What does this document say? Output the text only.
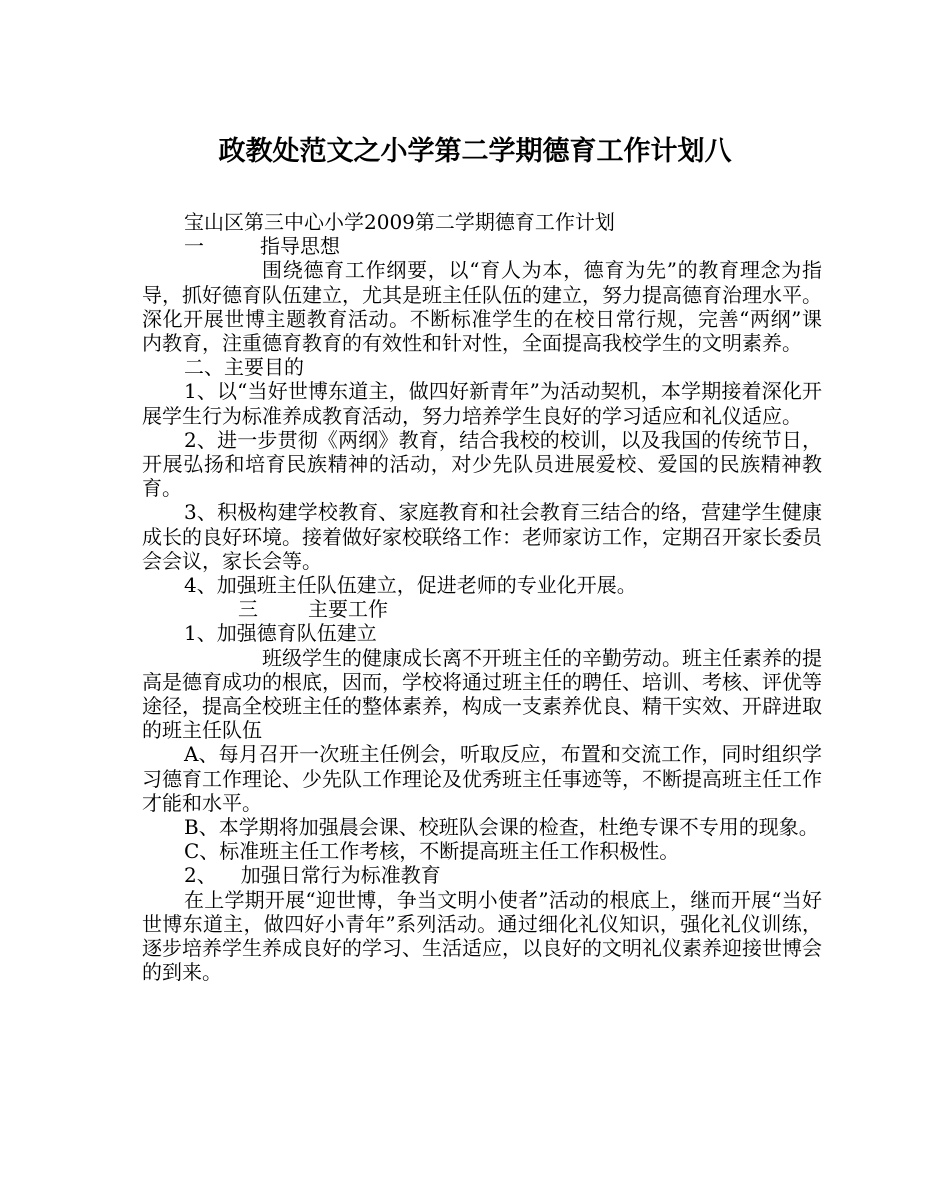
政教处范文之小学第二学期德育工作计划八

宝山区第三中心小学2009第二学期德育工作计划

一	指导思想

围绕德育工作纲要，以“育人为本，德育为先”的教育理念为指导，抓好德育队伍建立，尤其是班主任队伍的建立，努力提高德育治理水平。深化开展世博主题教育活动。不断标准学生的在校日常行规，完善“两纲”课内教育，注重德育教育的有效性和针对性，全面提高我校学生的文明素养。

二、主要目的

1、以“当好世博东道主，做四好新青年”为活动契机，本学期接着深化开展学生行为标准养成教育活动，努力培养学生良好的学习适应和礼仪适应。

2、进一步贯彻《两纲》教育，结合我校的校训，以及我国的传统节日，开展弘扬和培育民族精神的活动，对少先队员进展爱校、爱国的民族精神教育。

3、积极构建学校教育、家庭教育和社会教育三结合的络，营建学生健康成长的良好环境。接着做好家校联络工作：老师家访工作，定期召开家长委员会会议，家长会等。

4、加强班主任队伍建立，促进老师的专业化开展。

三	主要工作

1、加强德育队伍建立

班级学生的健康成长离不开班主任的辛勤劳动。班主任素养的提高是德育成功的根底，因而，学校将通过班主任的聘任、培训、考核、评优等途径，提高全校班主任的整体素养，构成一支素养优良、精干实效、开辟进取的班主任队伍

A、每月召开一次班主任例会，听取反应，布置和交流工作，同时组织学习德育工作理论、少先队工作理论及优秀班主任事迹等，不断提高班主任工作才能和水平。

B、本学期将加强晨会课、校班队会课的检查，杜绝专课不专用的现象。

C、标准班主任工作考核，不断提高班主任工作积极性。

2、 加强日常行为标准教育

在上学期开展“迎世博，争当文明小使者”活动的根底上，继而开展“当好世博东道主，做四好小青年”系列活动。通过细化礼仪知识，强化礼仪训练，逐步培养学生养成良好的学习、生活适应，以良好的文明礼仪素养迎接世博会的到来。
